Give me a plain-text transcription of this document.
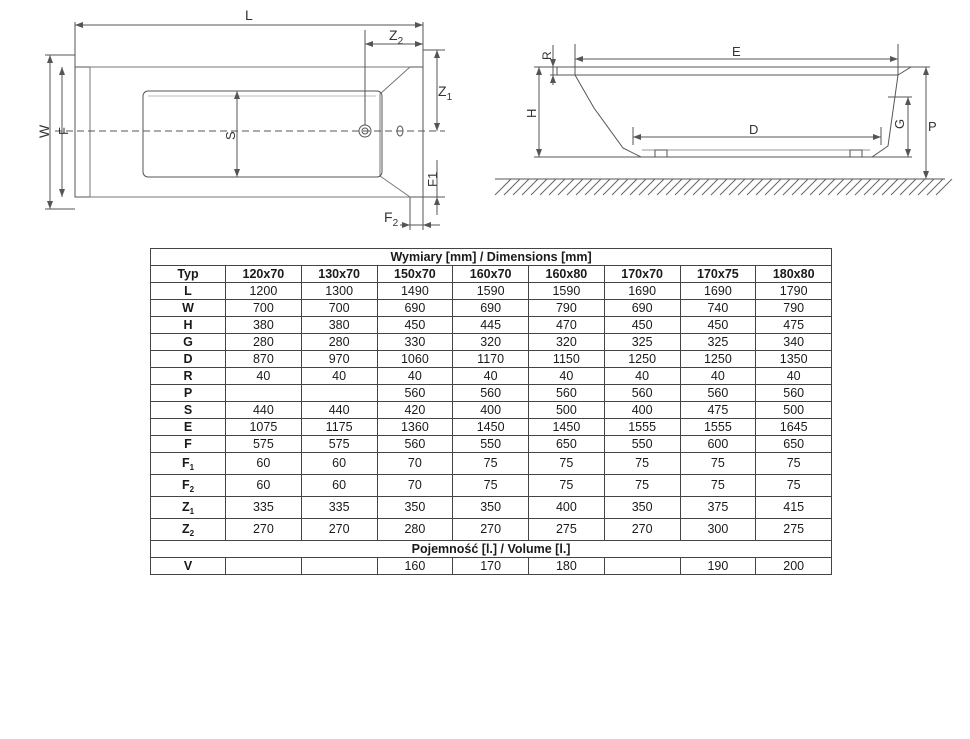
L
W F
S
$Z_2$
$Z_1$
F1
$F_2$
R	E
H
D	G P
Wymiary [mm] / Dimensions [mm]								
Typ	120x70	130x70	150x70	160x70	160x80	170x70	170x75	180x80
L	1200	1300	1490	1590	1590	1690	1690	1790
W	700	700	690	690	790	690	740	790
H	380	380	450	445	470	450	450	475
G	280	280	330	320	320	325	325	340
D	870	970	1060	1170	1150	1250	1250	1350
R	40	40	40	40	40	40	40	40
P			560	560	560	560	560	560
S	440	440	420	400	500	400	475	500
E	1075	1175	1360	1450	1450	1555	1555	1645
F	575	575	560	550	650	550	600	650
$F_1$	60	60	70	75	75	75	75	75
$F_2$	60	60	70	75	75	75	75	75
$Z_1$	335	335	350	350	400	350	375	415
$Z_2$	270	270	280	270	275	270	300	275
Pojemność [l.] / Volume [l.]								
V			160	170	180		190	200
